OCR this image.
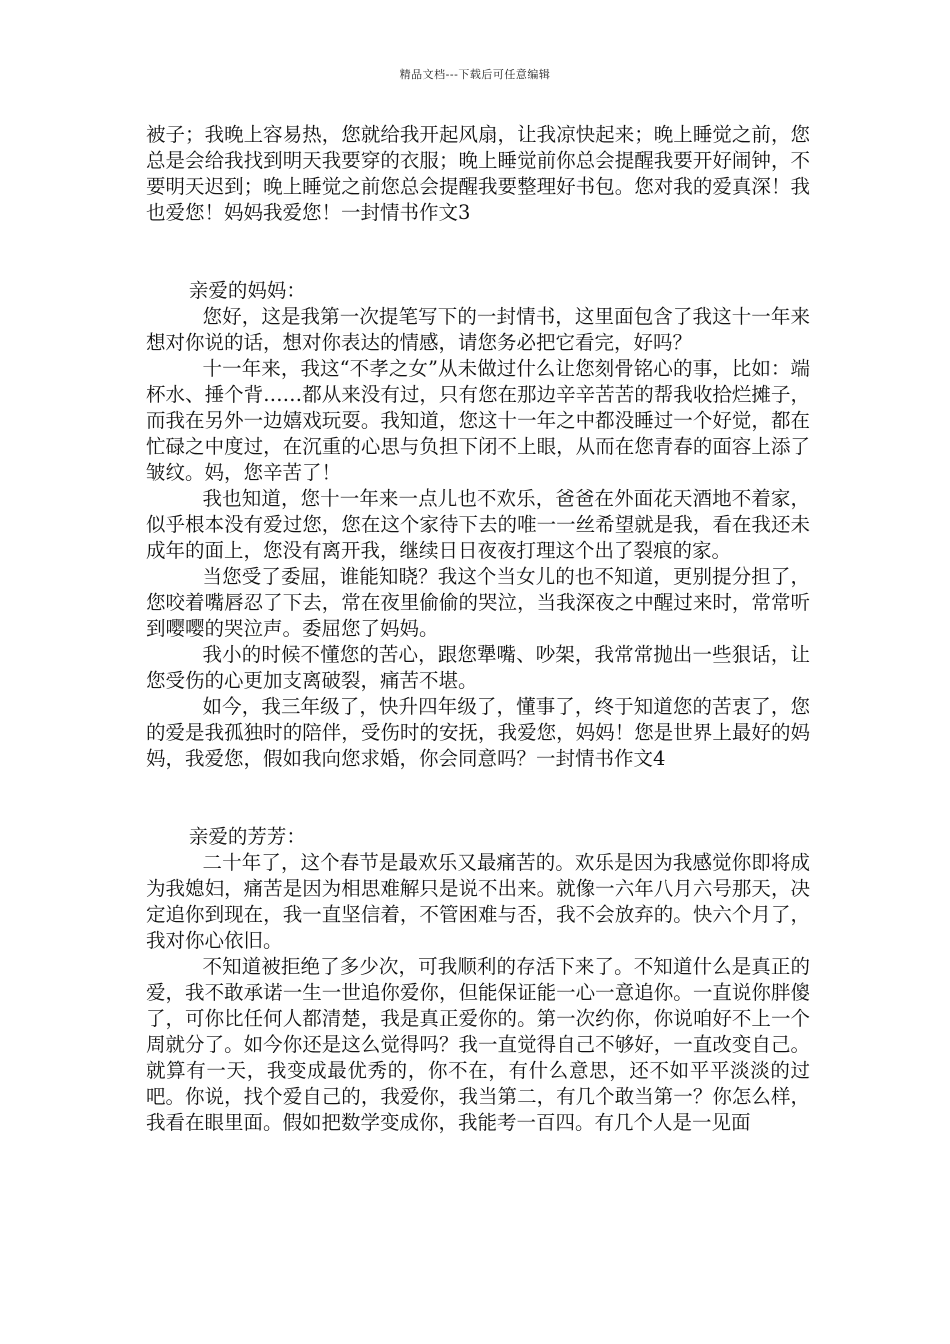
精品文档---下载后可任意编辑

被子；我晚上容易热，您就给我开起风扇，让我凉快起来；晚上睡觉之前，您总是会给我找到明天我要穿的衣服；晚上睡觉前你总会提醒我要开好闹钟，不要明天迟到；晚上睡觉之前您总会提醒我要整理好书包。您对我的爱真深！我也爱您！妈妈我爱您！一封情书作文3

亲爱的妈妈：

您好，这是我第一次提笔写下的一封情书，这里面包含了我这十一年来想对你说的话，想对你表达的情感，请您务必把它看完，好吗？

十一年来，我这“不孝之女”从未做过什么让您刻骨铭心的事，比如：端杯水、捶个背……都从来没有过，只有您在那边辛辛苦苦的帮我收拾烂摊子，而我在另外一边嬉戏玩耍。我知道，您这十一年之中都没睡过一个好觉，都在忙碌之中度过，在沉重的心思与负担下闭不上眼，从而在您青春的面容上添了皱纹。妈，您辛苦了！

我也知道，您十一年来一点儿也不欢乐，爸爸在外面花天酒地不着家，似乎根本没有爱过您，您在这个家待下去的唯一一丝希望就是我，看在我还未成年的面上，您没有离开我，继续日日夜夜打理这个出了裂痕的家。

当您受了委屈，谁能知晓？我这个当女儿的也不知道，更别提分担了，您咬着嘴唇忍了下去，常在夜里偷偷的哭泣，当我深夜之中醒过来时，常常听到嘤嘤的哭泣声。委屈您了妈妈。

我小的时候不懂您的苦心，跟您犟嘴、吵架，我常常抛出一些狠话，让您受伤的心更加支离破裂，痛苦不堪。

如今，我三年级了，快升四年级了，懂事了，终于知道您的苦衷了，您的爱是我孤独时的陪伴，受伤时的安抚，我爱您，妈妈！您是世界上最好的妈妈，我爱您，假如我向您求婚，你会同意吗？一封情书作文4

亲爱的芳芳：

二十年了，这个春节是最欢乐又最痛苦的。欢乐是因为我感觉你即将成为我媳妇，痛苦是因为相思难解只是说不出来。就像一六年八月六号那天，决定追你到现在，我一直坚信着，不管困难与否，我不会放弃的。快六个月了，我对你心依旧。

不知道被拒绝了多少次，可我顺利的存活下来了。不知道什么是真正的爱，我不敢承诺一生一世追你爱你，但能保证能一心一意追你。一直说你胖傻了，可你比任何人都清楚，我是真正爱你的。第一次约你，你说咱好不上一个周就分了。如今你还是这么觉得吗？我一直觉得自己不够好，一直改变自己。就算有一天，我变成最优秀的，你不在，有什么意思，还不如平平淡淡的过吧。你说，找个爱自己的，我爱你，我当第二，有几个敢当第一？你怎么样，我看在眼里面。假如把数学变成你，我能考一百四。有几个人是一见面
